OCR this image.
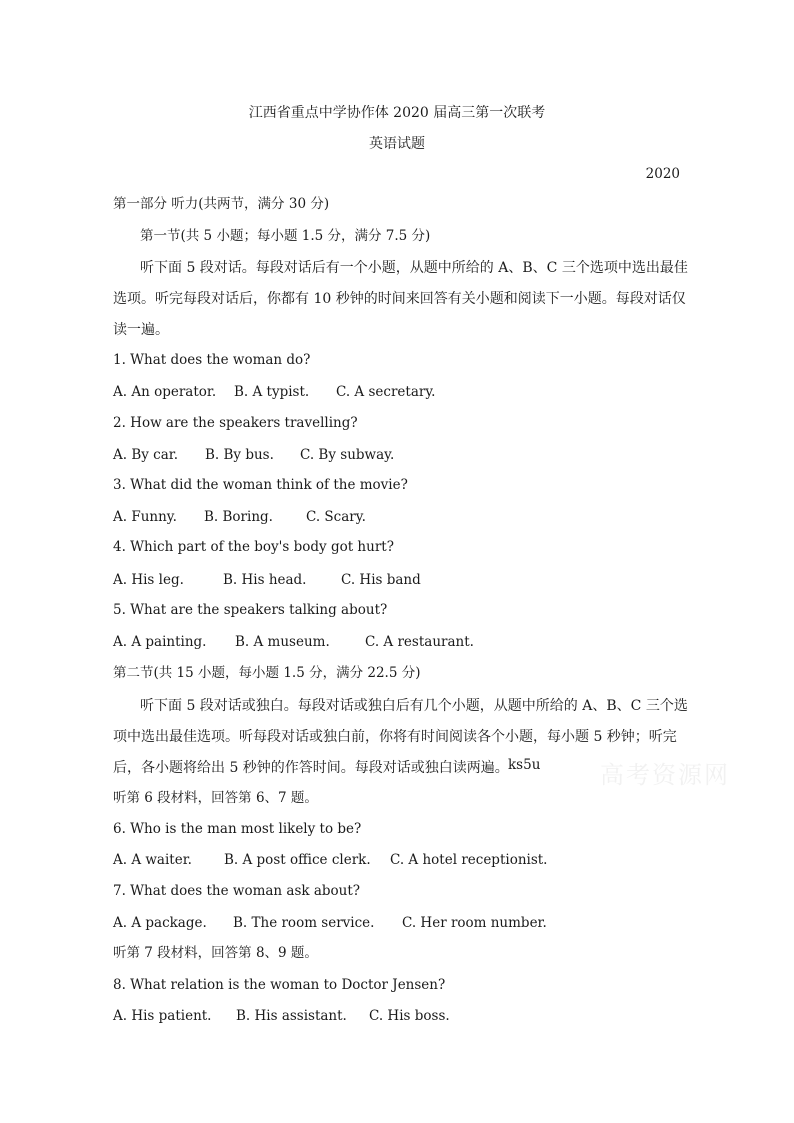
江西省重点中学协作体 2020 届高三第一次联考
英语试题
2020
第一部分 听力(共两节，满分 30 分)
第一节(共 5 小题；每小题 1.5 分，满分 7.5 分)
听下面 5 段对话。每段对话后有一个小题，从题中所给的 A、B、C 三个选项中选出最佳
选项。听完每段对话后，你都有 10 秒钟的时间来回答有关小题和阅读下一小题。每段对话仅
读一遍。
1. What does the woman do?
A. An operator. B. A typist. C. A secretary.
2. How are the speakers travelling?
A. By car. B. By bus. C. By subway.
3. What did the woman think of the movie?
A. Funny. B. Boring. C. Scary.
4. Which part of the boy's body got hurt?
A. His leg.	B. His head.	C. His band
5. What are the speakers talking about?
A. A painting. B. A museum.	C. A restaurant.
第二节(共 15 小题，每小题 1.5 分，满分 22.5 分)
听下面 5 段对话或独白。每段对话或独白后有几个小题，从题中所给的 A、B、C 三个选
项中选出最佳选项。听每段对话或独白前，你将有时间阅读各个小题，每小题 5 秒钟；听完
后，各小题将给出 5 秒钟的作答时间。每段对话或独白读两遍。 ks5u 高考资源网
听第 6 段材料，回答第 6、7 题。
6. Who is the man most likely to be?
A. A waiter. B. A post office clerk. C. A hotel receptionist.
7. What does the woman ask about?
A. A package. B. The room service. C. Her room number.
听第 7 段材料，回答第 8、9 题。
8. What relation is the woman to Doctor Jensen?
A. His patient. B. His assistant. C. His boss.
